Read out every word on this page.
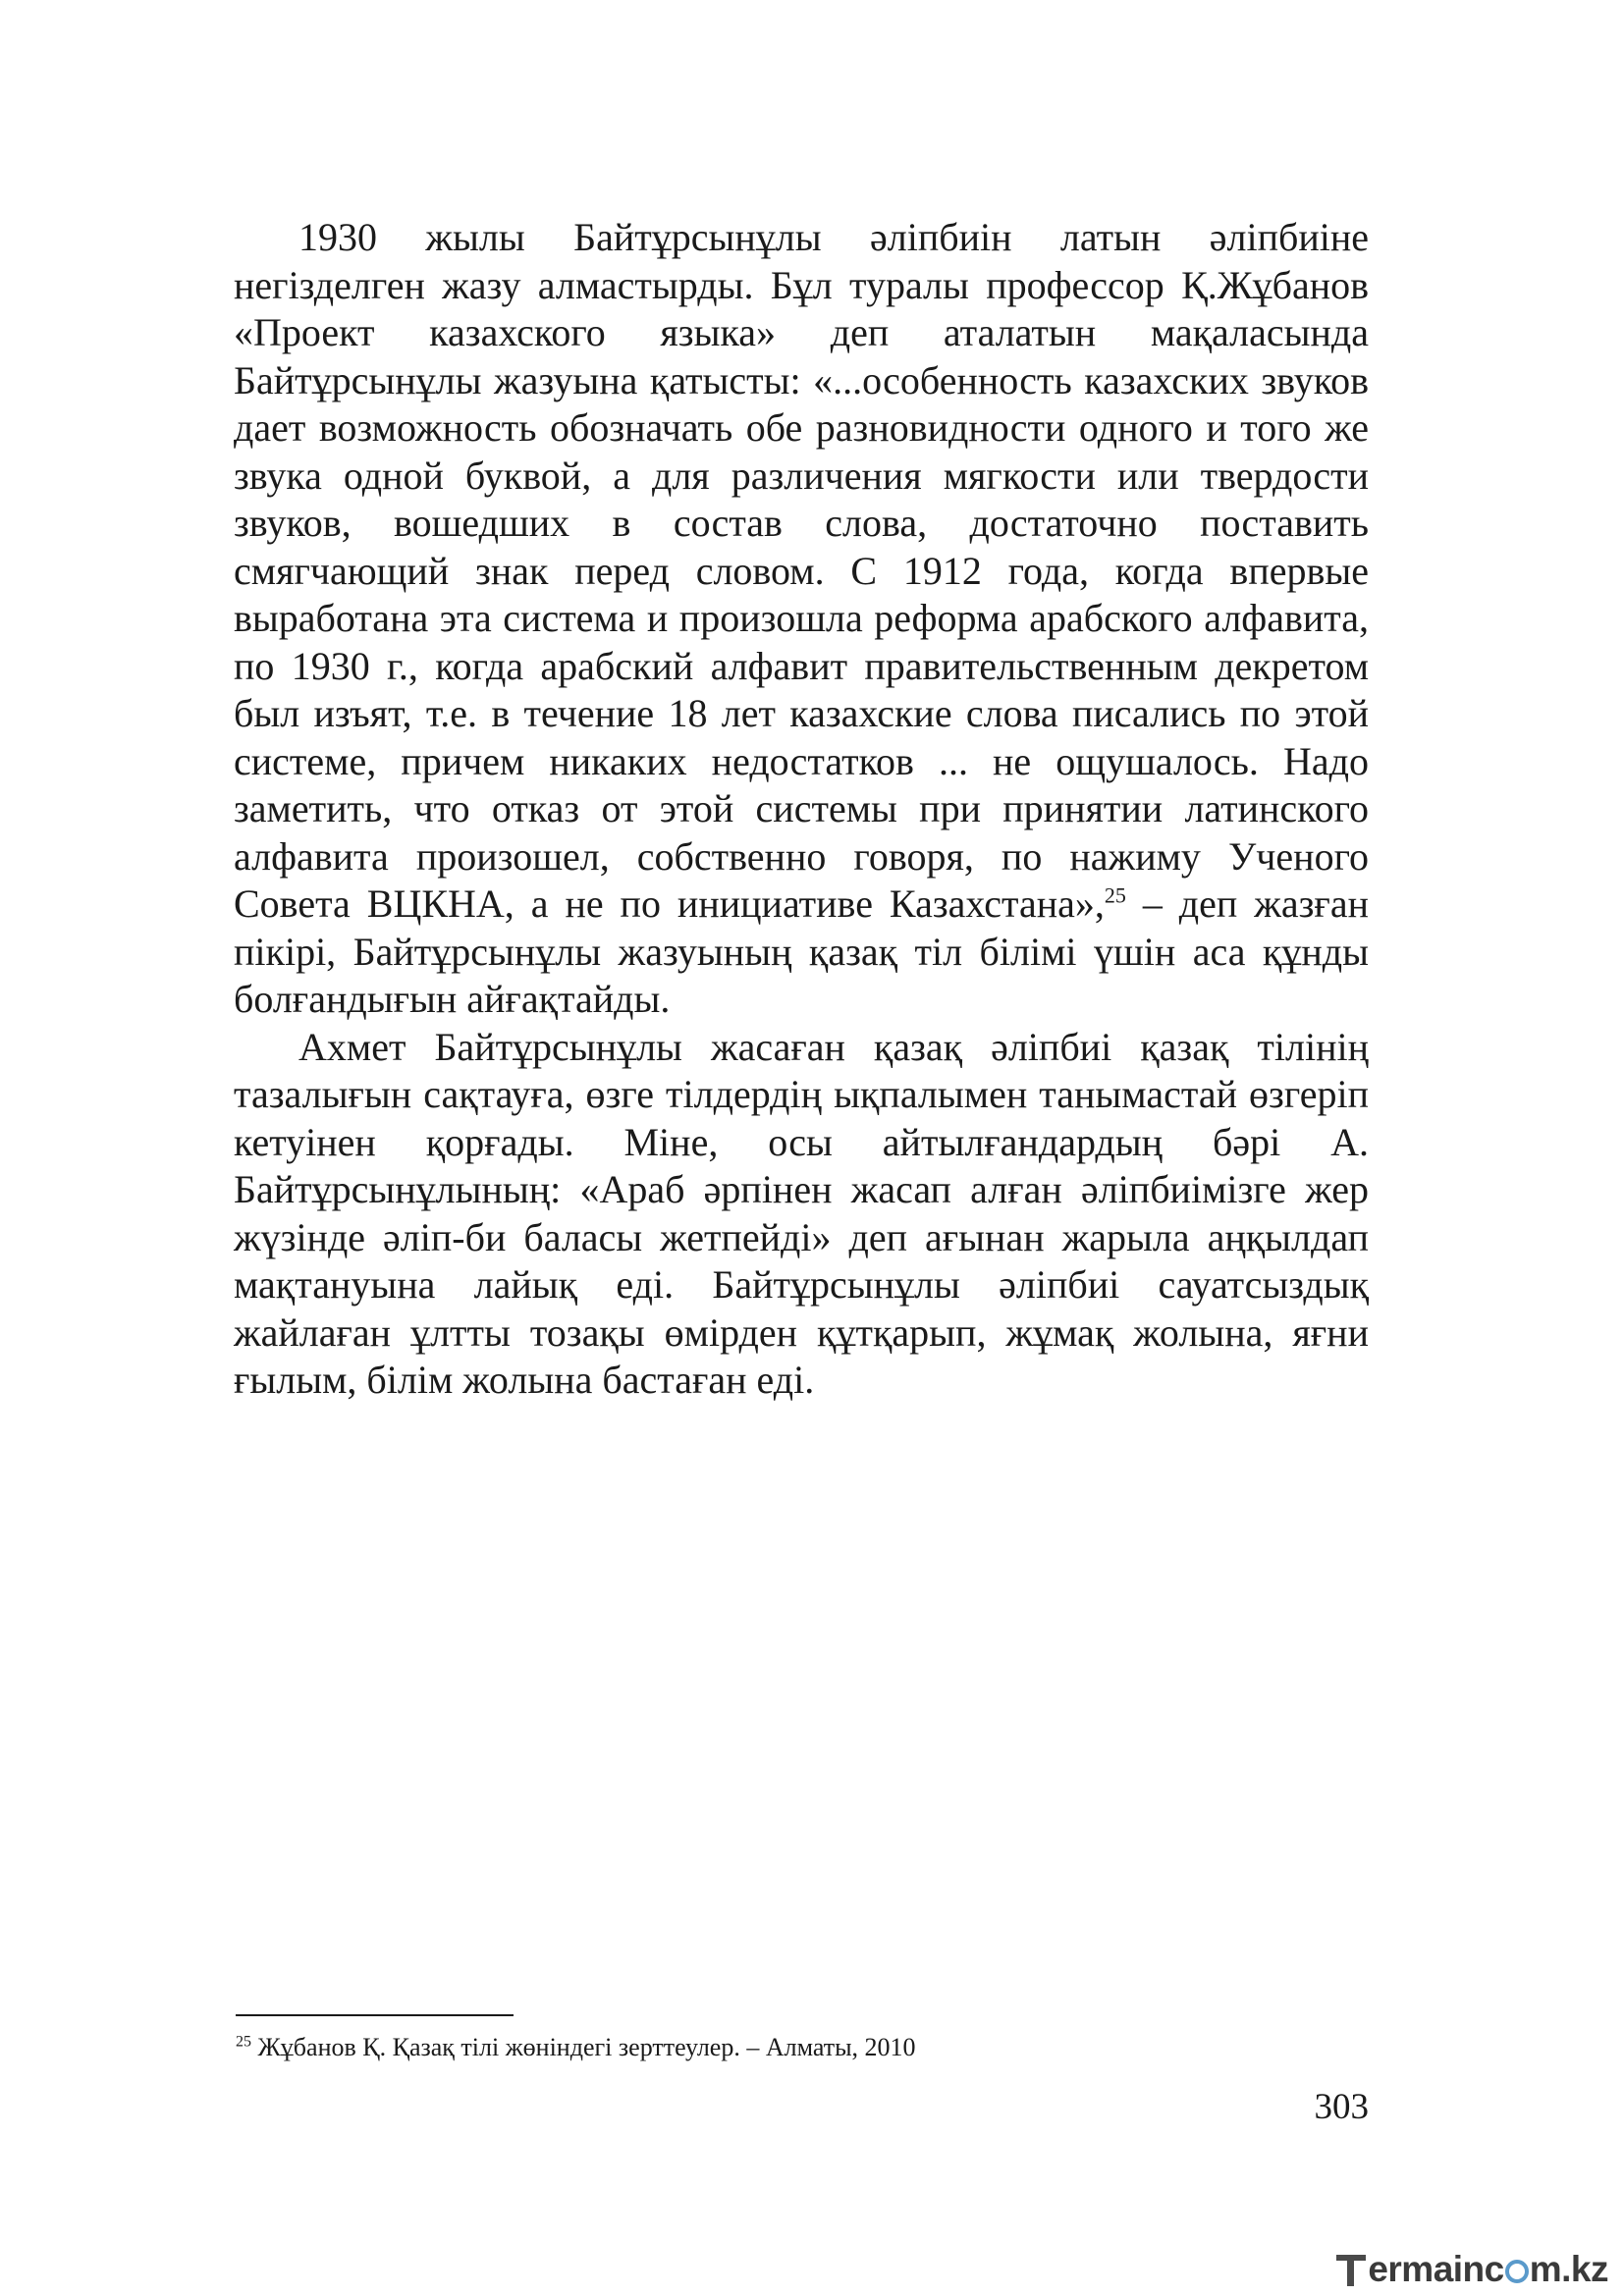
1930 жылы Байтұрсынұлы әліпбиін латын әліпбиіне негізделген жазу алмастырды. Бұл туралы профессор Қ.Жұбанов «Проект казахского языка» деп аталатын мақаласында Байтұрсынұлы жазуына қатысты: «...особенность казахских звуков дает возможность обозначать обе разновидности одного и того же звука одной буквой, а для различения мягкости или твердости звуков, вошедших в состав слова, достаточно поставить смягчающий знак перед словом. С 1912 года, когда впервые выработана эта система и произошла реформа арабского алфавита, по 1930 г., когда арабский алфавит правительственным декретом был изъят, т.е. в течение 18 лет казахские слова писались по этой системе, причем никаких недостатков ... не ощушалось. Надо заметить, что отказ от этой системы при принятии латинского алфавита произошел, собственно говоря, по нажиму Ученого Совета ВЦКНА, а не по инициативе Казахстана»,$^{25}$ – деп жазған пікірі, Байтұрсынұлы жазуының қазақ тіл білімі үшін аса құнды болғандығын айғақтайды.

Ахмет Байтұрсынұлы жасаған қазақ әліпбиі қазақ тілінің тазалығын сақтауға, өзге тілдердің ықпалымен танымастай өзгеріп кетуінен қорғады. Міне, осы айтылғандардың бәрі А. Байтұрсынұлының: «Араб әрпінен жасап алған әліпбиімізге жер жүзінде әліп-би баласы жетпейді» деп ағынан жарыла аңқылдап мақтануына лайық еді. Байтұрсынұлы әліпбиі сауатсыздық жайлаған ұлтты тозақы өмірден құтқарып, жұмақ жолына, яғни ғылым, білім жолына бастаған еді.

$^{25}$ Жұбанов Қ. Қазақ тілі жөніндегі зерттеулер. – Алматы, 2010

303
ermainc m.kz
